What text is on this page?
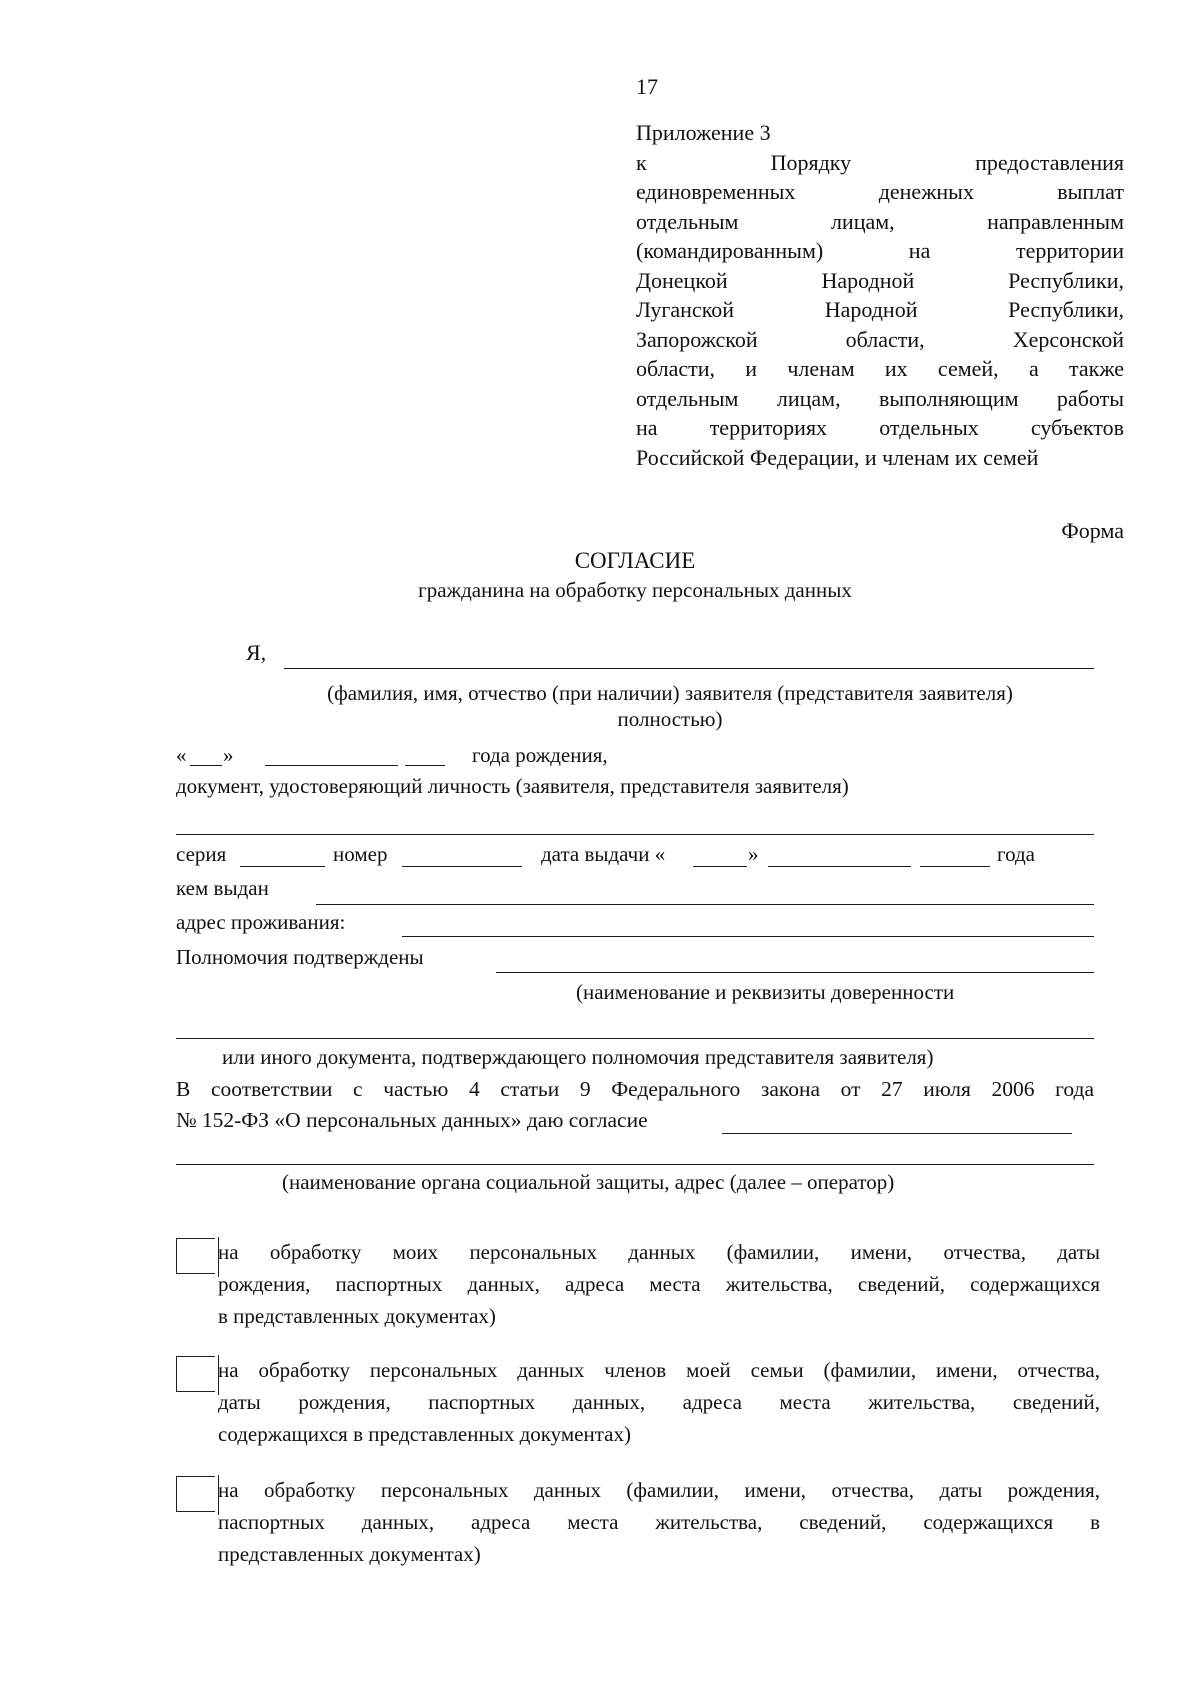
17
Приложение 3
к Порядку предоставления
единовременных денежных выплат
отдельным лицам, направленным
(командированным) на территории
Донецкой Народной Республики,
Луганской Народной Республики,
Запорожской области, Херсонской
области, и членам их семей, а также
отдельным лицам, выполняющим работы
на территориях отдельных субъектов
Российской Федерации, и членам их семей
Форма
СОГЛАСИЕ
гражданина на обработку персональных данных
Я,
(фамилия, имя, отчество (при наличии) заявителя (представителя заявителя)
полностью)
« »	года рождения,
документ, удостоверяющий личность (заявителя, представителя заявителя)
серия	номер	дата выдачи «	»	года
кем выдан
адрес проживания:
Полномочия подтверждены
(наименование и реквизиты доверенности
или иного документа, подтверждающего полномочия представителя заявителя)
В соответствии с частью 4 статьи 9 Федерального закона от 27 июля 2006 года
№ 152-ФЗ «О персональных данных» даю согласие
(наименование органа социальной защиты, адрес (далее – оператор)
на обработку моих персональных данных (фамилии, имени, отчества, даты
рождения, паспортных данных, адреса места жительства, сведений, содержащихся
в представленных документах)
на обработку персональных данных членов моей семьи (фамилии, имени, отчества,
даты рождения, паспортных данных, адреса места жительства, сведений,
содержащихся в представленных документах)
на обработку персональных данных (фамилии, имени, отчества, даты рождения,
паспортных данных, адреса места жительства, сведений, содержащихся в
представленных документах)
